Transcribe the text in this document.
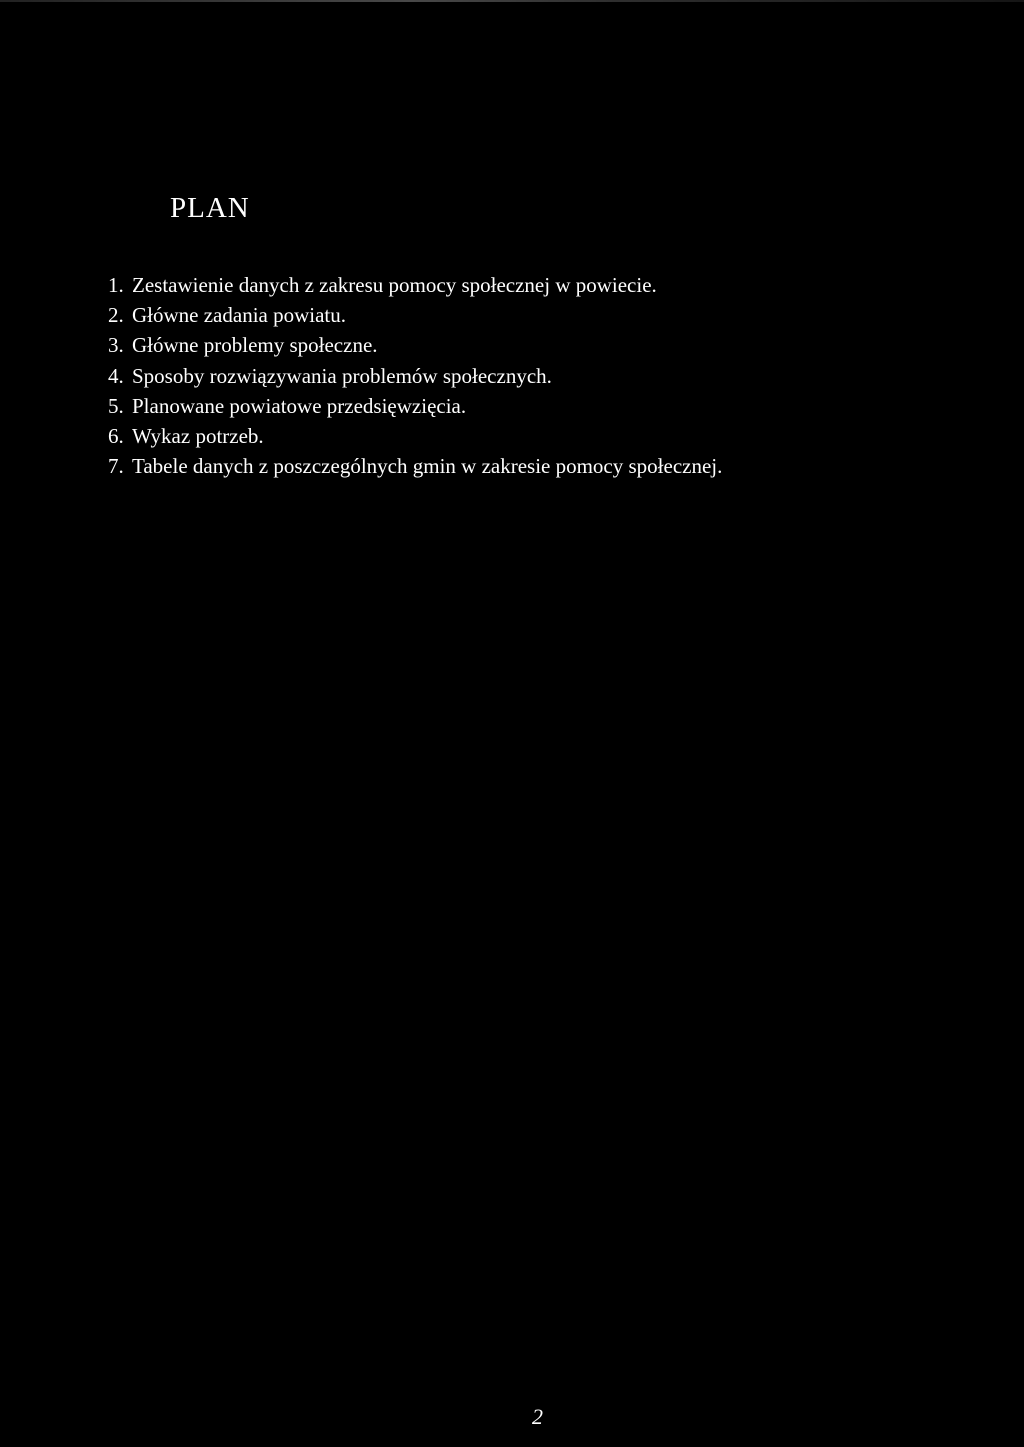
PLAN
1. Zestawienie danych z zakresu pomocy społecznej w powiecie.
2. Główne zadania powiatu.
3. Główne problemy społeczne.
4. Sposoby rozwiązywania problemów społecznych.
5. Planowane powiatowe przedsięwzięcia.
6. Wykaz potrzeb.
7. Tabele danych z poszczególnych gmin w zakresie pomocy społecznej.
2
